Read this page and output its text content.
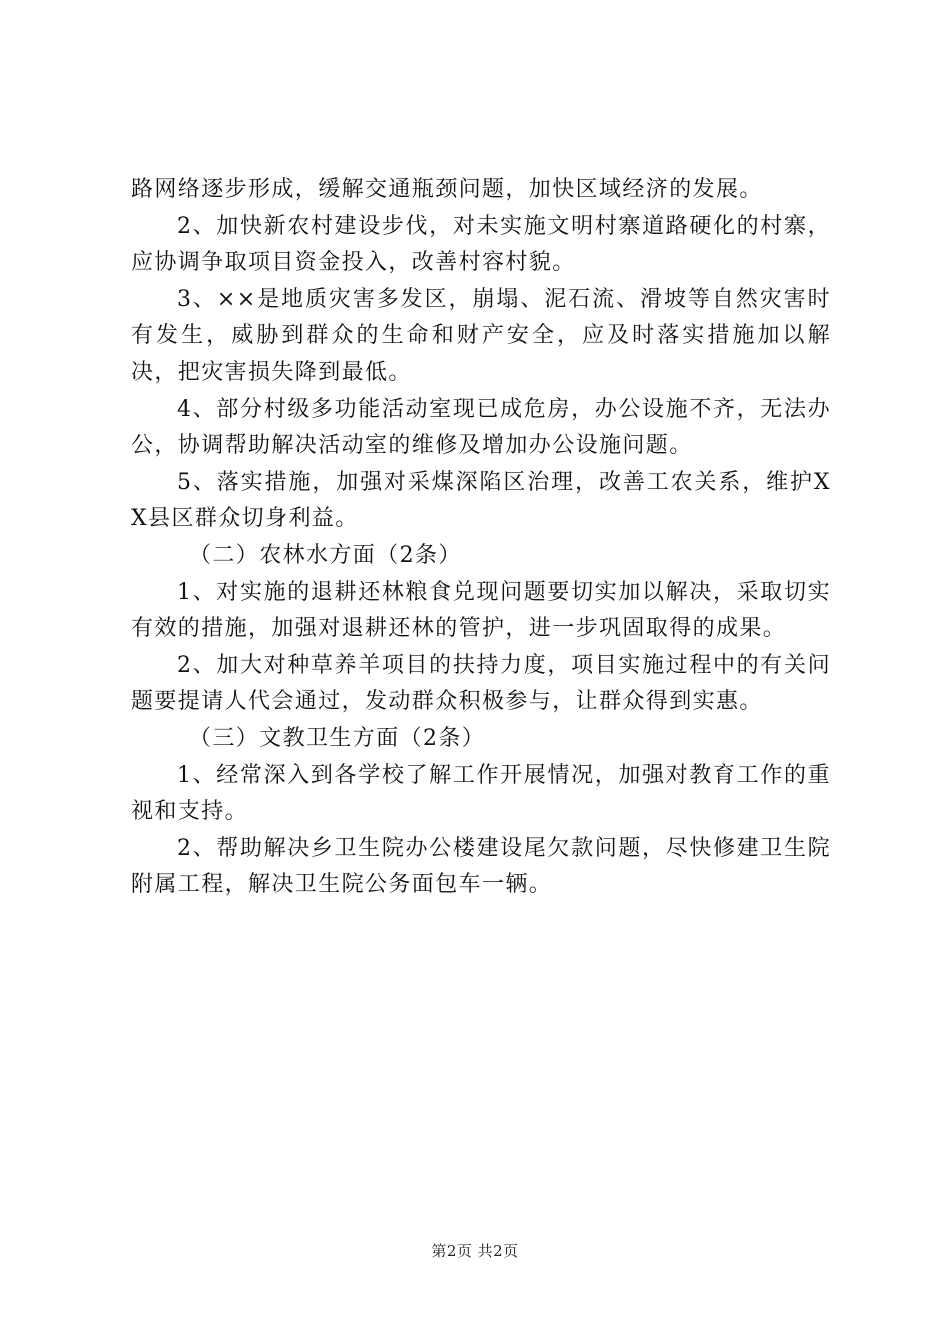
路网络逐步形成，缓解交通瓶颈问题，加快区域经济的发展。

2、加快新农村建设步伐，对未实施文明村寨道路硬化的村寨，应协调争取项目资金投入，改善村容村貌。

3、××是地质灾害多发区，崩塌、泥石流、滑坡等自然灾害时有发生，威胁到群众的生命和财产安全，应及时落实措施加以解决，把灾害损失降到最低。

4、部分村级多功能活动室现已成危房，办公设施不齐，无法办公，协调帮助解决活动室的维修及增加办公设施问题。

5、落实措施，加强对采煤深陷区治理，改善工农关系，维护XX县区群众切身利益。

（二）农林水方面（2条）

1、对实施的退耕还林粮食兑现问题要切实加以解决，采取切实有效的措施，加强对退耕还林的管护，进一步巩固取得的成果。

2、加大对种草养羊项目的扶持力度，项目实施过程中的有关问题要提请人代会通过，发动群众积极参与，让群众得到实惠。

（三）文教卫生方面（2条）

1、经常深入到各学校了解工作开展情况，加强对教育工作的重视和支持。

2、帮助解决乡卫生院办公楼建设尾欠款问题，尽快修建卫生院附属工程，解决卫生院公务面包车一辆。

第2页 共2页
